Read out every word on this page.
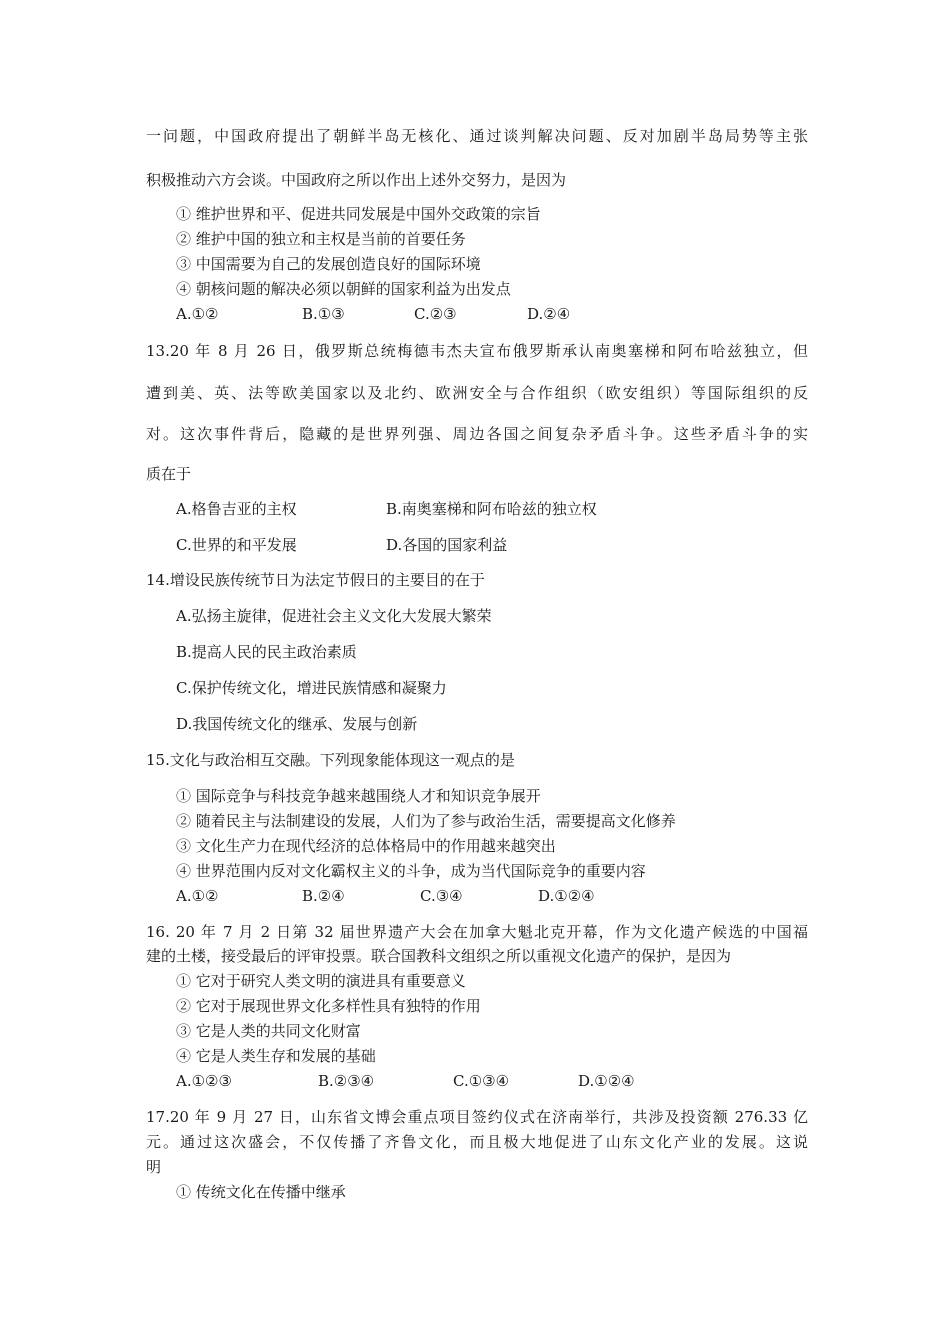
一问题，中国政府提出了朝鲜半岛无核化、通过谈判解决问题、反对加剧半岛局势等主张
积极推动六方会谈。中国政府之所以作出上述外交努力，是因为
① 维护世界和平、促进共同发展是中国外交政策的宗旨
② 维护中国的独立和主权是当前的首要任务
③ 中国需要为自己的发展创造良好的国际环境
④ 朝核问题的解决必须以朝鲜的国家利益为出发点
A.①②	B.①③	C.②③	D.②④
13.20 年 8 月 26 日，俄罗斯总统梅德韦杰夫宣布俄罗斯承认南奥塞梯和阿布哈兹独立，但
遭到美、英、法等欧美国家以及北约、欧洲安全与合作组织（欧安组织）等国际组织的反
对。这次事件背后，隐藏的是世界列强、周边各国之间复杂矛盾斗争。这些矛盾斗争的实
质在于
A.格鲁吉亚的主权	B.南奥塞梯和阿布哈兹的独立权
C.世界的和平发展	D.各国的国家利益
14.增设民族传统节日为法定节假日的主要目的在于
A.弘扬主旋律，促进社会主义文化大发展大繁荣
B.提高人民的民主政治素质
C.保护传统文化，增进民族情感和凝聚力
D.我国传统文化的继承、发展与创新
15.文化与政治相互交融。下列现象能体现这一观点的是
① 国际竞争与科技竞争越来越围绕人才和知识竞争展开
② 随着民主与法制建设的发展，人们为了参与政治生活，需要提高文化修养
③ 文化生产力在现代经济的总体格局中的作用越来越突出
④ 世界范围内反对文化霸权主义的斗争，成为当代国际竞争的重要内容
A.①②	B.②④	C.③④	D.①②④
16. 20 年 7 月 2 日第 32 届世界遗产大会在加拿大魁北克开幕，作为文化遗产候选的中国福
建的土楼，接受最后的评审投票。联合国教科文组织之所以重视文化遗产的保护，是因为
① 它对于研究人类文明的演进具有重要意义
② 它对于展现世界文化多样性具有独特的作用
③ 它是人类的共同文化财富
④ 它是人类生存和发展的基础
A.①②③	B.②③④	C.①③④	D.①②④
17.20 年 9 月 27 日，山东省文博会重点项目签约仪式在济南举行，共涉及投资额 276.33 亿
元。通过这次盛会，不仅传播了齐鲁文化，而且极大地促进了山东文化产业的发展。这说
明
① 传统文化在传播中继承
